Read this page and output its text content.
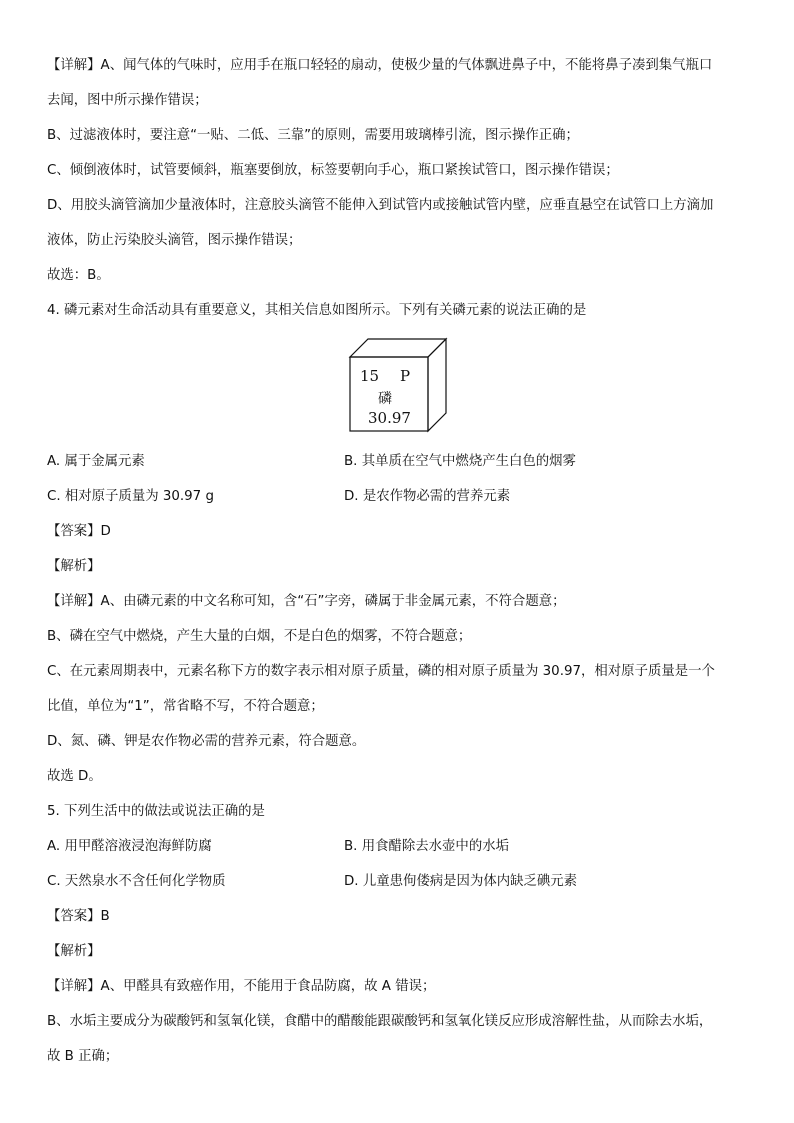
【详解】A、闻气体的气味时，应用手在瓶口轻轻的扇动，使极少量的气体飘进鼻子中，不能将鼻子凑到集气瓶口
去闻，图中所示操作错误；
B、过滤液体时，要注意“一贴、二低、三靠”的原则，需要用玻璃棒引流，图示操作正确；
C、倾倒液体时，试管要倾斜，瓶塞要倒放，标签要朝向手心，瓶口紧挨试管口，图示操作错误；
D、用胶头滴管滴加少量液体时，注意胶头滴管不能伸入到试管内或接触试管内壁，应垂直悬空在试管口上方滴加
液体，防止污染胶头滴管，图示操作错误；
故选：B。
4. 磷元素对生命活动具有重要意义，其相关信息如图所示。下列有关磷元素的说法正确的是
15 P
磷
30.97
A. 属于金属元素	B. 其单质在空气中燃烧产生白色的烟雾
C. 相对原子质量为 30.97 g	D. 是农作物必需的营养元素
【答案】D
【解析】
【详解】A、由磷元素的中文名称可知，含“石”字旁，磷属于非金属元素，不符合题意；
B、磷在空气中燃烧，产生大量的白烟，不是白色的烟雾，不符合题意；
C、在元素周期表中，元素名称下方的数字表示相对原子质量，磷的相对原子质量为 30.97，相对原子质量是一个
比值，单位为“1”，常省略不写，不符合题意；
D、氮、磷、钾是农作物必需的营养元素，符合题意。
故选 D。
5. 下列生活中的做法或说法正确的是
A. 用甲醛溶液浸泡海鲜防腐	B. 用食醋除去水壶中的水垢
C. 天然泉水不含任何化学物质	D. 儿童患佝偻病是因为体内缺乏碘元素
【答案】B
【解析】
【详解】A、甲醛具有致癌作用，不能用于食品防腐，故 A 错误；
B、水垢主要成分为碳酸钙和氢氧化镁，食醋中的醋酸能跟碳酸钙和氢氧化镁反应形成溶解性盐，从而除去水垢，
故 B 正确；
